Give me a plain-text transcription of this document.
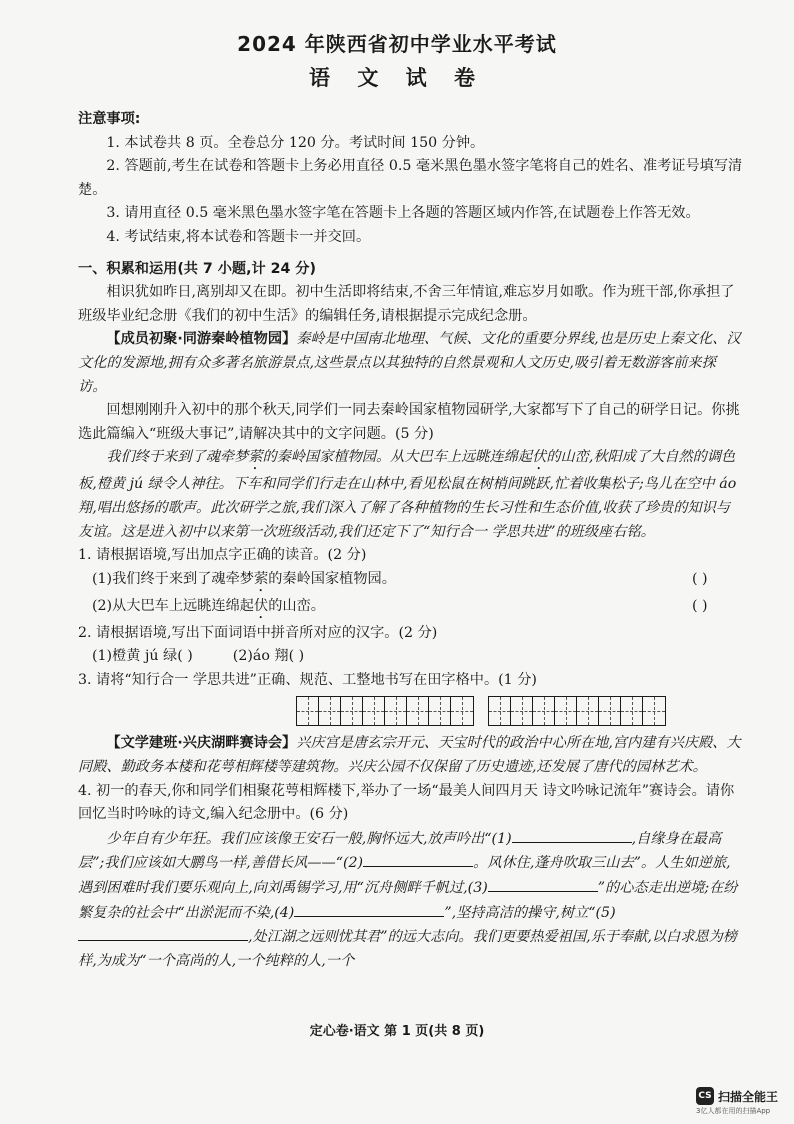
2024 年陕西省初中学业水平考试
语 文 试 卷

注意事项:

1. 本试卷共 8 页。全卷总分 120 分。考试时间 150 分钟。

2. 答题前,考生在试卷和答题卡上务必用直径 0.5 毫米黑色墨水签字笔将自己的姓名、准考证号填写清楚。

3. 请用直径 0.5 毫米黑色墨水签字笔在答题卡上各题的答题区域内作答,在试题卷上作答无效。

4. 考试结束,将本试卷和答题卡一并交回。

一、积累和运用(共 7 小题,计 24 分)

相识犹如昨日,离别却又在即。初中生活即将结束,不舍三年情谊,难忘岁月如歌。作为班干部,你承担了班级毕业纪念册《我们的初中生活》的编辑任务,请根据提示完成纪念册。

【成员初聚·同游秦岭植物园】秦岭是中国南北地理、气候、文化的重要分界线,也是历史上秦文化、汉文化的发源地,拥有众多著名旅游景点,这些景点以其独特的自然景观和人文历史,吸引着无数游客前来探访。

回想刚刚升入初中的那个秋天,同学们一同去秦岭国家植物园研学,大家都写下了自己的研学日记。你挑选此篇编入“班级大事记”,请解决其中的文字问题。(5 分)

我们终于来到了魂牵梦萦的秦岭国家植物园。从大巴车上远眺连绵起伏的山峦,秋阳成了大自然的调色板,橙黄 jú 绿令人神往。下车和同学们行走在山林中,看见松鼠在树梢间跳跃,忙着收集松子;鸟儿在空中 áo 翔,唱出悠扬的歌声。此次研学之旅,我们深入了解了各种植物的生长习性和生态价值,收获了珍贵的知识与友谊。这是进入初中以来第一次班级活动,我们还定下了“知行合一 学思共进”的班级座右铭。

1. 请根据语境,写出加点字正确的读音。(2 分)

(1)我们终于来到了魂牵梦萦的秦岭国家植物园。	( )

(2)从大巴车上远眺连绵起伏的山峦。	( )

2. 请根据语境,写出下面词语中拼音所对应的汉字。(2 分)

(1)橙黄 jú 绿( )	(2)áo 翔( )

3. 请将“知行合一 学思共进”正确、规范、工整地书写在田字格中。(1 分)

【文学建班·兴庆湖畔赛诗会】兴庆宫是唐玄宗开元、天宝时代的政治中心所在地,宫内建有兴庆殿、大同殿、勤政务本楼和花萼相辉楼等建筑物。兴庆公园不仅保留了历史遗迹,还发展了唐代的园林艺术。

4. 初一的春天,你和同学们相聚花萼相辉楼下,举办了一场“最美人间四月天 诗文吟咏记流年”赛诗会。请你回忆当时吟咏的诗文,编入纪念册中。(6 分)

少年自有少年狂。我们应该像王安石一般,胸怀远大,放声吟出“(1)	,自缘身在最高层”;我们应该如大鹏鸟一样,善借长风——“(2)	。风休住,蓬舟吹取三山去”。人生如逆旅,遇到困难时我们要乐观向上,向刘禹锡学习,用“沉舟侧畔千帆过,(3)	”的心态走出逆境;在纷繁复杂的社会中“出淤泥而不染,(4)	”,坚持高洁的操守,树立“(5),处江湖之远则忧其君”的远大志向。我们更要热爱祖国,乐于奉献,以白求恩为榜样,为成为“一个高尚的人,一个纯粹的人,一个

定心卷·语文 第 1 页(共 8 页)
CS 扫描全能王
3亿人都在用的扫描App
